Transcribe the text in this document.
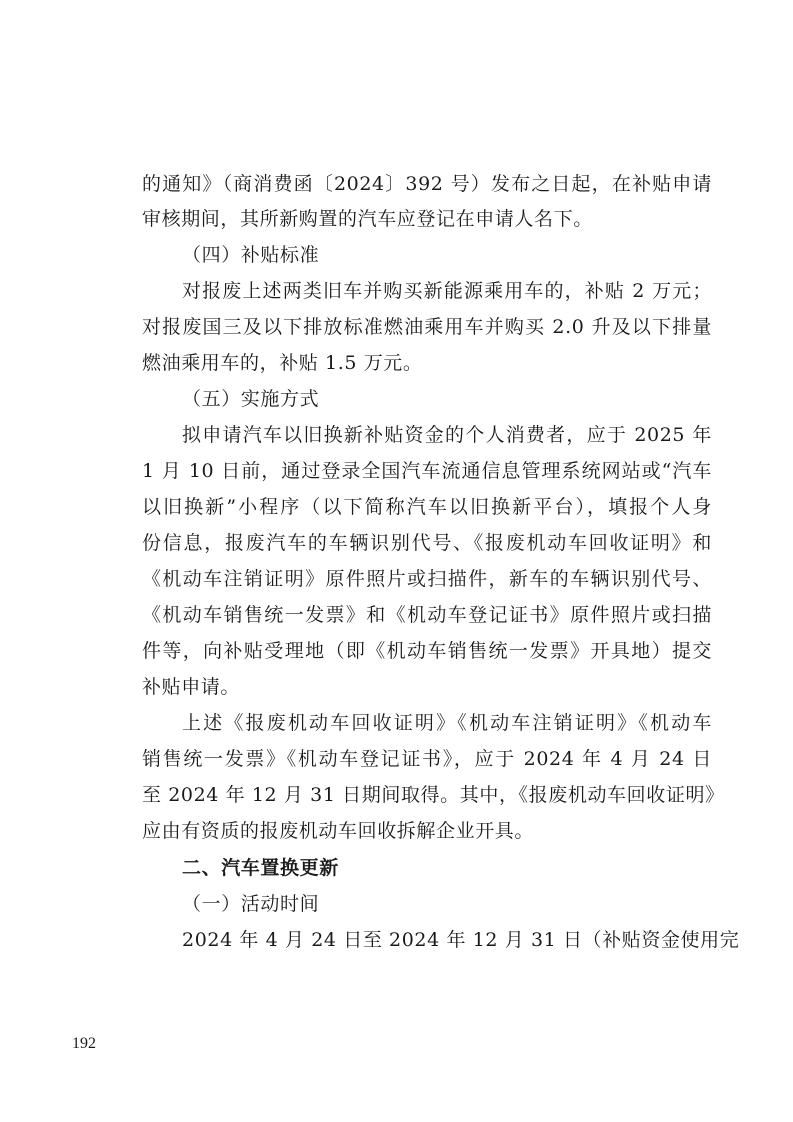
的通知》（商消费函〔2024〕392 号）发布之日起，在补贴申请
审核期间，其所新购置的汽车应登记在申请人名下。
（四）补贴标准
对报废上述两类旧车并购买新能源乘用车的，补贴 2 万元；
对报废国三及以下排放标准燃油乘用车并购买 2.0 升及以下排量
燃油乘用车的，补贴 1.5 万元。
（五）实施方式
拟申请汽车以旧换新补贴资金的个人消费者，应于 2025 年
1 月 10 日前，通过登录全国汽车流通信息管理系统网站或“汽车
以旧换新”小程序（以下简称汽车以旧换新平台），填报个人身
份信息，报废汽车的车辆识别代号、《报废机动车回收证明》和
《机动车注销证明》原件照片或扫描件，新车的车辆识别代号、
《机动车销售统一发票》和《机动车登记证书》原件照片或扫描
件等，向补贴受理地（即《机动车销售统一发票》开具地）提交
补贴申请。
上述《报废机动车回收证明》《机动车注销证明》《机动车
销售统一发票》《机动车登记证书》，应于 2024 年 4 月 24 日
至 2024 年 12 月 31 日期间取得。其中，《报废机动车回收证明》
应由有资质的报废机动车回收拆解企业开具。
二、汽车置换更新
（一）活动时间
2024 年 4 月 24 日至 2024 年 12 月 31 日（补贴资金使用完
192
